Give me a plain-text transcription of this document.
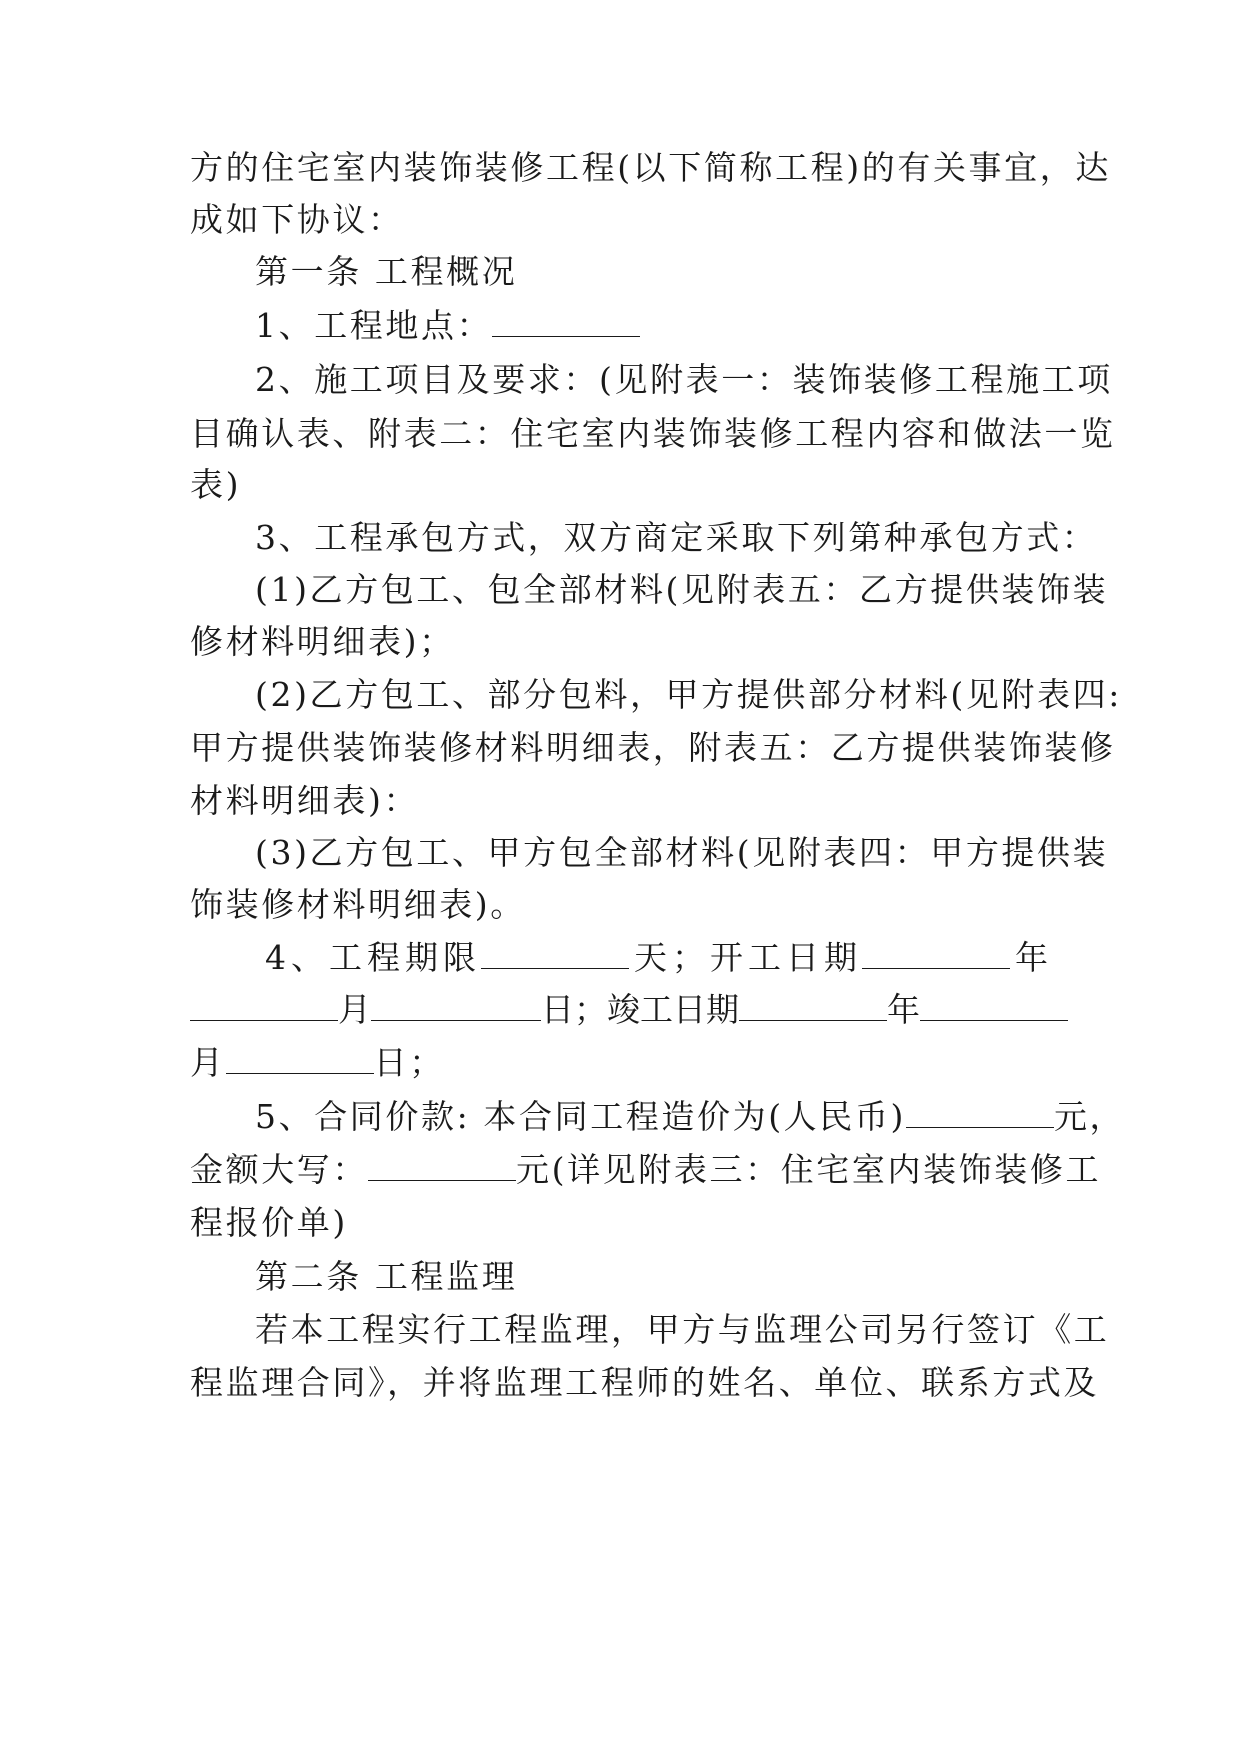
方的住宅室内装饰装修工程(以下简称工程)的有关事宜，达
成如下协议：
第一条 工程概况
1、工程地点：
2、施工项目及要求：(见附表一：装饰装修工程施工项
目确认表、附表二：住宅室内装饰装修工程内容和做法一览
表)
3、工程承包方式，双方商定采取下列第种承包方式：
(1)乙方包工、包全部材料(见附表五：乙方提供装饰装
修材料明细表)；
(2)乙方包工、部分包料，甲方提供部分材料(见附表四:
甲方提供装饰装修材料明细表，附表五：乙方提供装饰装修
材料明细表)：
(3)乙方包工、甲方包全部材料(见附表四：甲方提供装
饰装修材料明细表)。
4、工程期限	天；开工日期	年
月	日；竣工日期	年
月	日；
5、合同价款: 本合同工程造价为(人民币)	元，
金额大写：	元(详见附表三：住宅室内装饰装修工
程报价单)
第二条 工程监理
若本工程实行工程监理，甲方与监理公司另行签订《工
程监理合同》，并将监理工程师的姓名、单位、联系方式及
